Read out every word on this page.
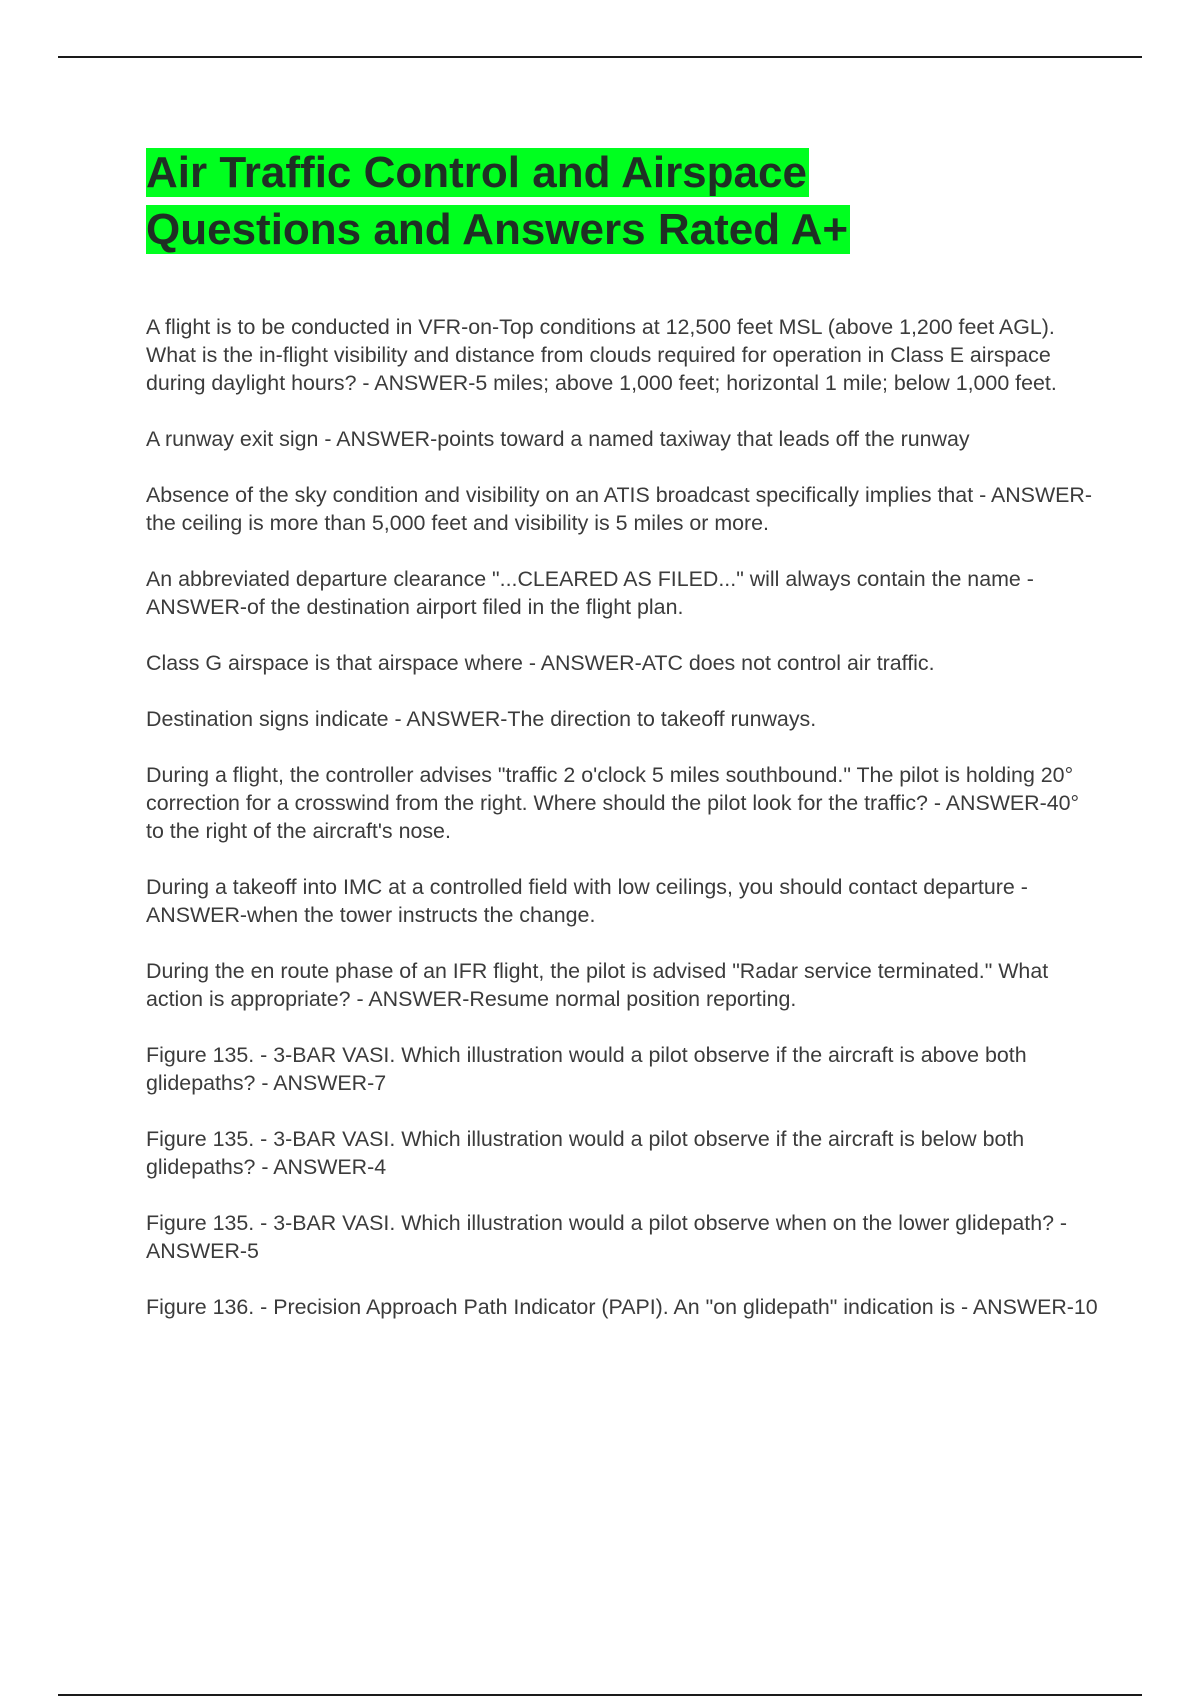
Air Traffic Control and Airspace
Questions and Answers Rated A+

A flight is to be conducted in VFR-on-Top conditions at 12,500 feet MSL (above 1,200 feet AGL). What is the in-flight visibility and distance from clouds required for operation in Class E airspace during daylight hours? - ANSWER-5 miles; above 1,000 feet; horizontal 1 mile; below 1,000 feet.

A runway exit sign - ANSWER-points toward a named taxiway that leads off the runway

Absence of the sky condition and visibility on an ATIS broadcast specifically implies that - ANSWER-the ceiling is more than 5,000 feet and visibility is 5 miles or more.

An abbreviated departure clearance "...CLEARED AS FILED..." will always contain the name - ANSWER-of the destination airport filed in the flight plan.

Class G airspace is that airspace where - ANSWER-ATC does not control air traffic.

Destination signs indicate - ANSWER-The direction to takeoff runways.

During a flight, the controller advises "traffic 2 o'clock 5 miles southbound." The pilot is holding 20° correction for a crosswind from the right. Where should the pilot look for the traffic? - ANSWER-40° to the right of the aircraft's nose.

During a takeoff into IMC at a controlled field with low ceilings, you should contact departure - ANSWER-when the tower instructs the change.

During the en route phase of an IFR flight, the pilot is advised "Radar service terminated." What action is appropriate? - ANSWER-Resume normal position reporting.

Figure 135. - 3-BAR VASI. Which illustration would a pilot observe if the aircraft is above both glidepaths? - ANSWER-7

Figure 135. - 3-BAR VASI. Which illustration would a pilot observe if the aircraft is below both glidepaths? - ANSWER-4

Figure 135. - 3-BAR VASI. Which illustration would a pilot observe when on the lower glidepath? - ANSWER-5

Figure 136. - Precision Approach Path Indicator (PAPI). An "on glidepath" indication is - ANSWER-10
